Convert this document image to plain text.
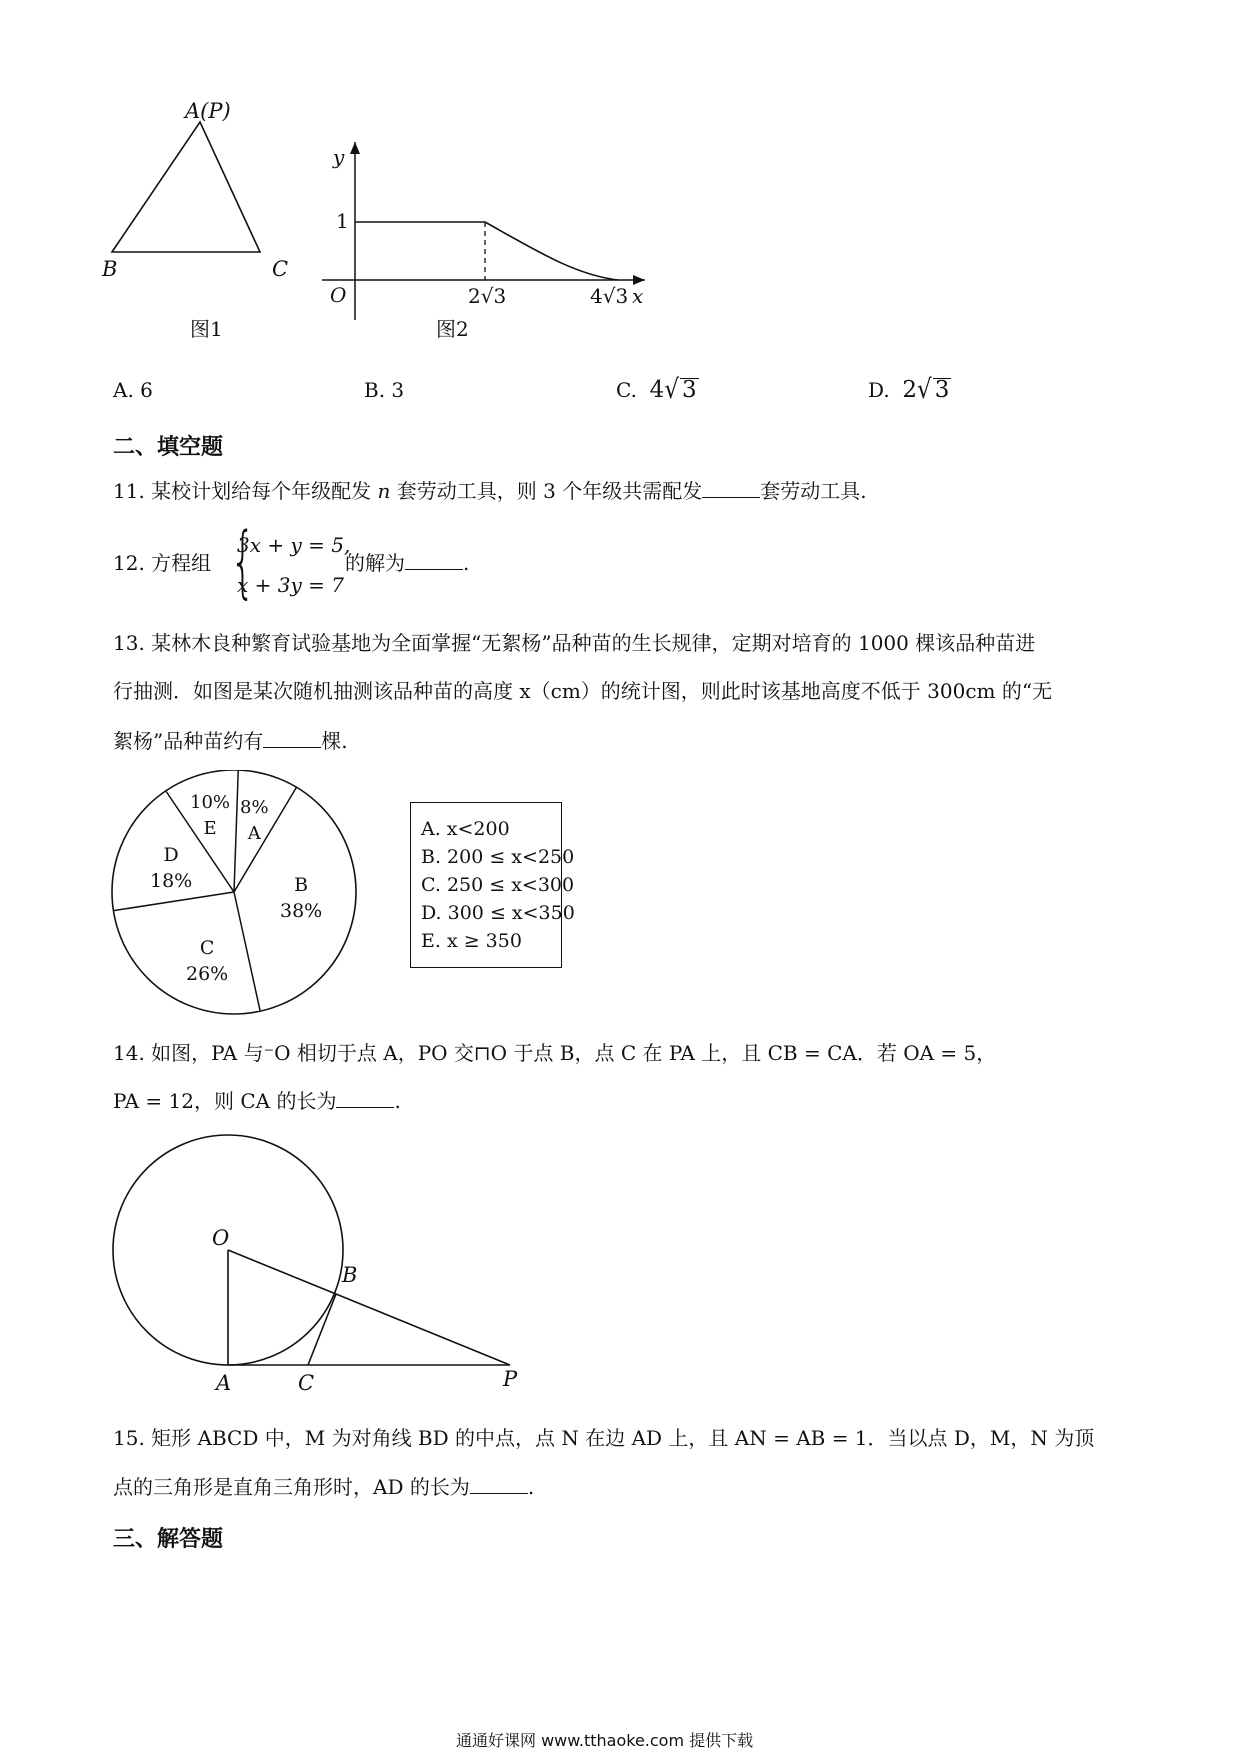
A(P)
B	C
图1
y
1
O	2√3	4√3 x
图2
A. 6	B. 3	C. 4√ 3	D. 2√ 3
二、填空题
11. 某校计划给每个年级配发 n 套劳动工具，则 3 个年级共需配发	套劳动工具.
12. 方程组 {
3x + y = 5,
x + 3y = 7
的解为	.
13. 某林木良种繁育试验基地为全面掌握“无絮杨”品种苗的生长规律，定期对培育的 1000 棵该品种苗进
行抽测．如图是某次随机抽测该品种苗的高度 x（cm）的统计图，则此时该基地高度不低于 300cm 的“无
絮杨”品种苗约有	棵.
10%
E
8%
A
D
18%	B
38%
C
26%
A. x<200
B. 200 ≤ x<250
C. 250 ≤ x<300
D. 300 ≤ x<350
E. x ≥ 350
14. 如图，PA 与⁻O 相切于点 A，PO 交⊓O 于点 B，点 C 在 PA 上，且 CB = CA．若 OA = 5，
PA = 12，则 CA 的长为	.
O
B
A	C	P
15. 矩形 ABCD 中，M 为对角线 BD 的中点，点 N 在边 AD 上，且 AN = AB = 1．当以点 D，M，N 为顶
点的三角形是直角三角形时，AD 的长为	.
三、解答题
通通好课网 www.tthaoke.com 提供下载
